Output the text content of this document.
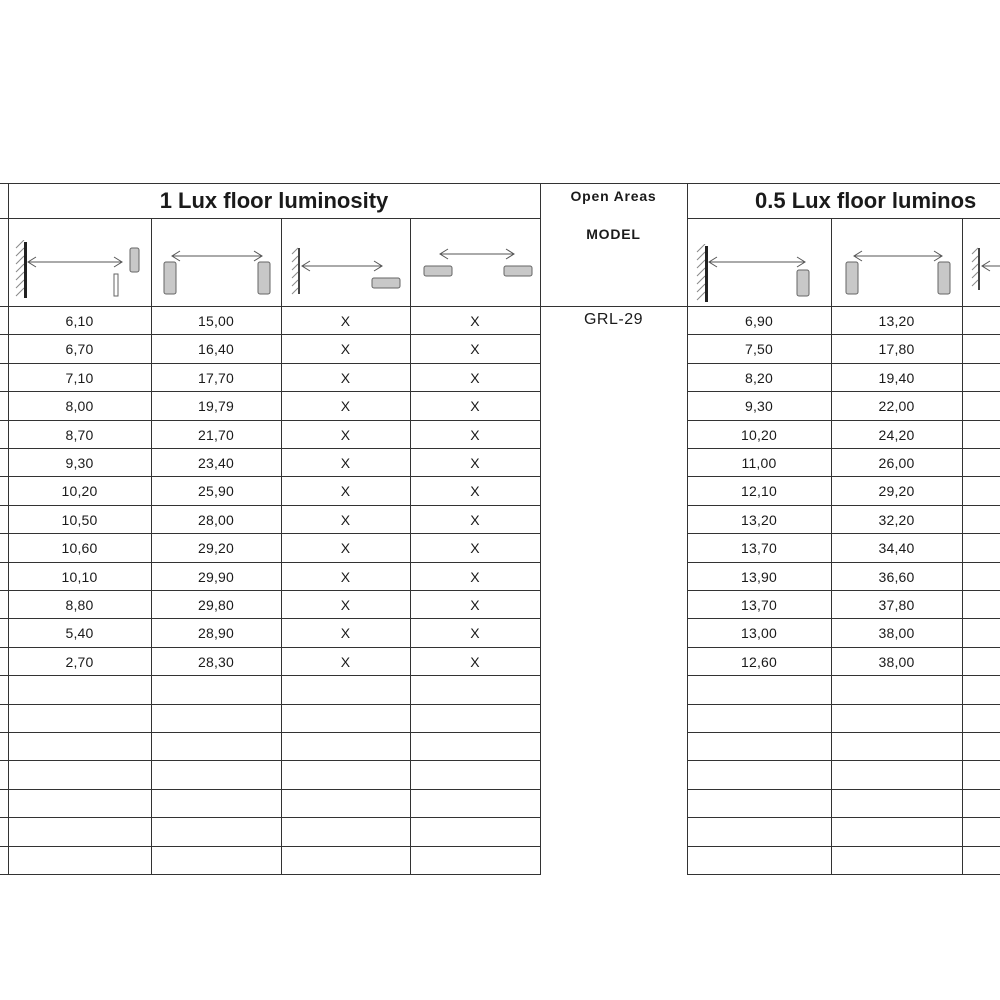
1 Lux floor luminosity	Open Areas
MODEL
0.5 Lux floor luminos
GRL-29
6,10	15,00	X	X	6,90	13,20
6,70	16,40	X	X	7,50	17,80
7,10	17,70	X	X	8,20	19,40
8,00	19,79	X	X	9,30	22,00
8,70	21,70	X	X	10,20	24,20
9,30	23,40	X	X	11,00	26,00
10,20	25,90	X	X	12,10	29,20
10,50	28,00	X	X	13,20	32,20
10,60	29,20	X	X	13,70	34,40
10,10	29,90	X	X	13,90	36,60
8,80	29,80	X	X	13,70	37,80
5,40	28,90	X	X	13,00	38,00
2,70	28,30	X	X	12,60	38,00
